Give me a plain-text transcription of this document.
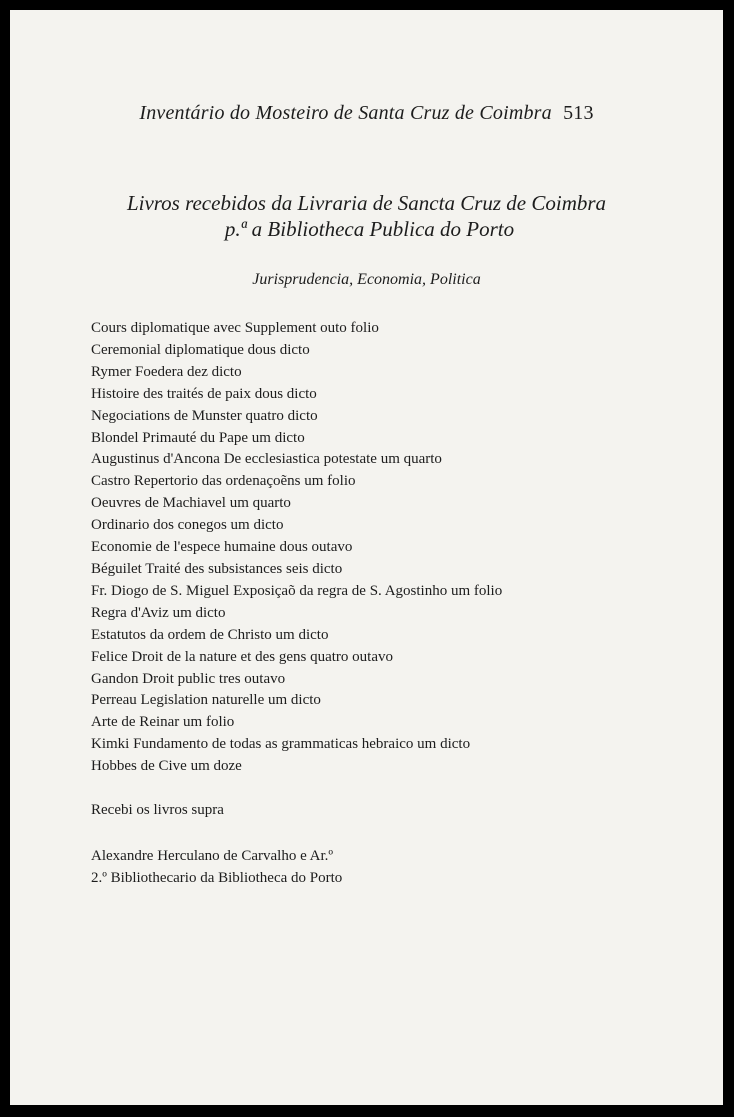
Inventário do Mosteiro de Santa Cruz de Coimbra 513
Livros recebidos da Livraria de Sancta Cruz de Coimbra
p.ª a Bibliotheca Publica do Porto
Jurisprudencia, Economia, Politica
Cours diplomatique avec Supplement outo folio
Ceremonial diplomatique dous dicto
Rymer Foedera dez dicto
Histoire des traités de paix dous dicto
Negociations de Munster quatro dicto
Blondel Primauté du Pape um dicto
Augustinus d'Ancona De ecclesiastica potestate um quarto
Castro Repertorio das ordenaçoẽns um folio
Oeuvres de Machiavel um quarto
Ordinario dos conegos um dicto
Economie de l'espece humaine dous outavo
Béguilet Traité des subsistances seis dicto
Fr. Diogo de S. Miguel Exposiçaõ da regra de S. Agostinho um folio
Regra d'Aviz um dicto
Estatutos da ordem de Christo um dicto
Felice Droit de la nature et des gens quatro outavo
Gandon Droit public tres outavo
Perreau Legislation naturelle um dicto
Arte de Reinar um folio
Kimki Fundamento de todas as grammaticas hebraico um dicto
Hobbes de Cive um doze
Recebi os livros supra
Alexandre Herculano de Carvalho e Ar.º
2.º Bibliothecario da Bibliotheca do Porto
